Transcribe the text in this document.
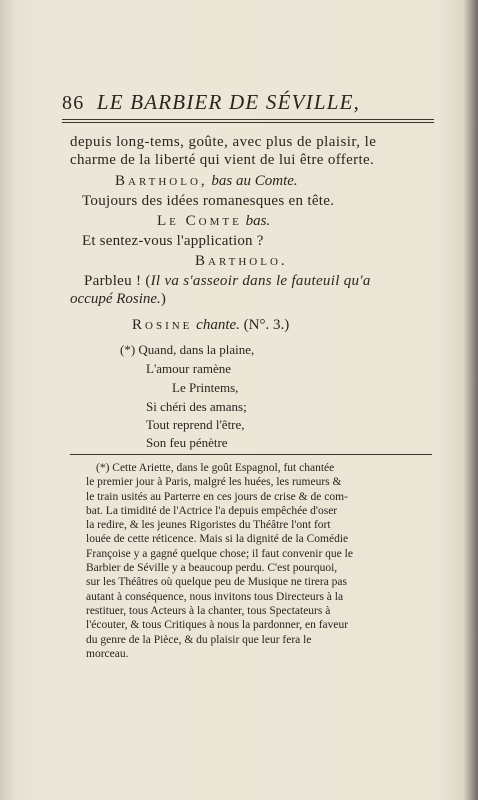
86 LE BARBIER DE SÉVILLE,
depuis long-tems, goûte, avec plus de plaisir, le
charme de la liberté qui vient de lui être offerte.
Bartholo, bas au Comte.
Toujours des idées romanesques en tête.
Le Comte bas.
Et sentez-vous l'application ?
Bartholo.
Parbleu ! (Il va s'asseoir dans le fauteuil qu'a
occupé Rosine.)
Rosine chante. (N°. 3.)
(*) Quand, dans la plaine,
L'amour ramène
Le Printems,
Si chéri des amans;
Tout reprend l'être,
Son feu pénètre
(*) Cette Ariette, dans le goût Espagnol, fut chantée
le premier jour à Paris, malgré les huées, les rumeurs &
le train usités au Parterre en ces jours de crise & de com-
bat. La timidité de l'Actrice l'a depuis empêchée d'oser
la redire, & les jeunes Rigoristes du Théâtre l'ont fort
louée de cette réticence. Mais si la dignité de la Comédie
Françoise y a gagné quelque chose; il faut convenir que le
Barbier de Séville y a beaucoup perdu. C'est pourquoi,
sur les Théâtres où quelque peu de Musique ne tirera pas
autant à conséquence, nous invitons tous Directeurs à la
restituer, tous Acteurs à la chanter, tous Spectateurs à
l'écouter, & tous Critiques à nous la pardonner, en faveur
du genre de la Pièce, & du plaisir que leur fera le
morceau.
